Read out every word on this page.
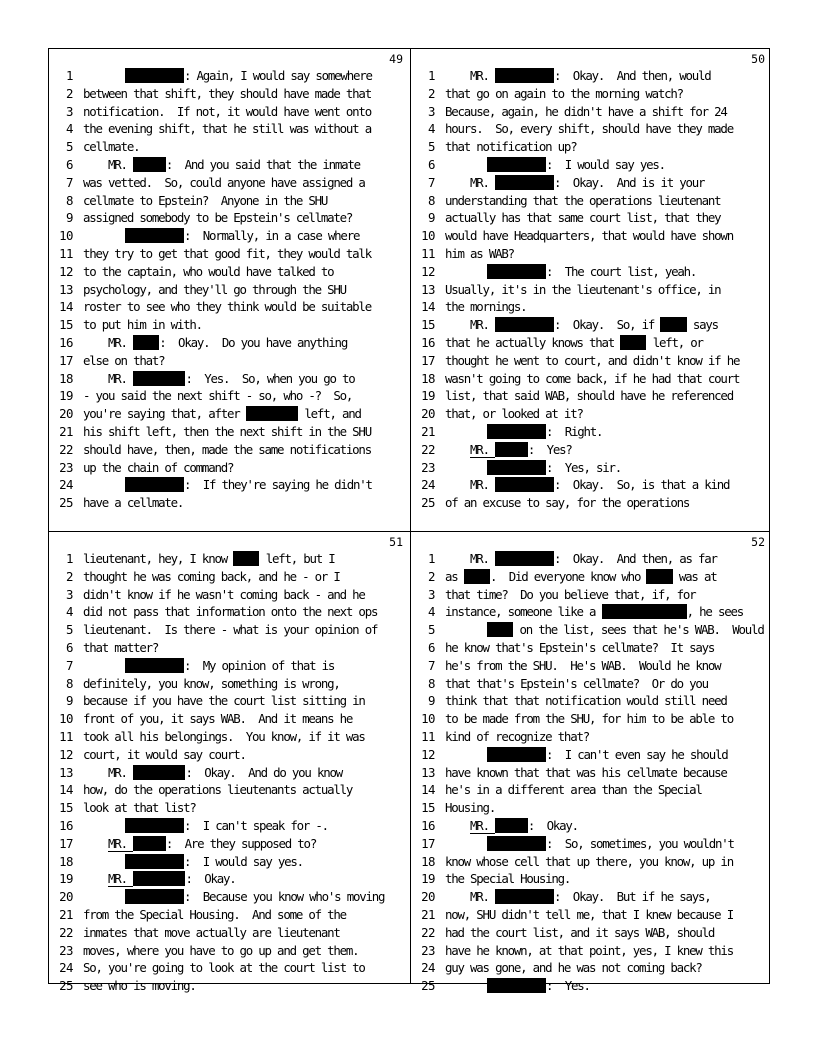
49
1	: Again, I would say somewhere
2 between that shift, they should have made that
3 notification.  If not, it would have went onto
4 the evening shift, that he still was without a
5 cellmate.
6 MR.	:  And you said that the inmate
7 was vetted.  So, could anyone have assigned a
8 cellmate to Epstein?  Anyone in the SHU
9 assigned somebody to be Epstein's cellmate?
10	:  Normally, in a case where
11 they try to get that good fit, they would talk
12 to the captain, who would have talked to
13 psychology, and they'll go through the SHU
14 roster to see who they think would be suitable
15 to put him in with.
16 MR. :  Okay.  Do you have anything
17 else on that?
18 MR.	:  Yes.  So, when you go to
19 - you said the next shift - so, who -?  So,
20 you're saying that, after	left, and
21 his shift left, then the next shift in the SHU
22 should have, then, made the same notifications
23 up the chain of command?
24	:  If they're saying he didn't
25 have a cellmate.
50
1 MR.	:  Okay.  And then, would
2 that go on again to the morning watch?
3 Because, again, he didn't have a shift for 24
4 hours.  So, every shift, should have they made
5 that notification up?
6	:  I would say yes.
7 MR.	:  Okay.  And is it your
8 understanding that the operations lieutenant
9 actually has that same court list, that they
10 would have Headquarters, that would have shown
11 him as WAB?
12	:  The court list, yeah.
13 Usually, it's in the lieutenant's office, in
14 the mornings.
15 MR.	:  Okay.  So, if  says
16 that he actually knows that  left, or
17 thought he went to court, and didn't know if he
18 wasn't going to come back, if he had that court
19 list, that said WAB, should have he referenced
20 that, or looked at it?
21	:  Right.
22	MR.	:  Yes?
23	:  Yes, sir.
24 MR.	:  Okay.  So, is that a kind
25 of an excuse to say, for the operations
51
1 lieutenant, hey, I know  left, but I
2 thought he was coming back, and he - or I
3 didn't know if he wasn't coming back - and he
4 did not pass that information onto the next ops
5 lieutenant.  Is there - what is your opinion of
6 that matter?
7	:  My opinion of that is
8 definitely, you know, something is wrong,
9 because if you have the court list sitting in
10 front of you, it says WAB.  And it means he
11 took all his belongings.  You know, if it was
12 court, it would say court.
13 MR.	:  Okay.  And do you know
14 how, do the operations lieutenants actually
15 look at that list?
16	:  I can't speak for -.
17	MR.	:  Are they supposed to?
18	:  I would say yes.
19	MR.	:  Okay.
20	:  Because you know who's moving
21 from the Special Housing.  And some of the
22 inmates that move actually are lieutenant
23 moves, where you have to go up and get them.
24 So, you're going to look at the court list to
25 see who is moving.
52
1 MR.	:  Okay.  And then, as far
2 as .  Did everyone know who  was at
3 that time?  Do you believe that, if, for
4 instance, someone like a	, he sees
5	on the list, sees that he's WAB.  Would
6 he know that's Epstein's cellmate?  It says
7 he's from the SHU.  He's WAB.  Would he know
8 that that's Epstein's cellmate?  Or do you
9 think that that notification would still need
10 to be made from the SHU, for him to be able to
11 kind of recognize that?
12	:  I can't even say he should
13 have known that that was his cellmate because
14 he's in a different area than the Special
15 Housing.
16	MR.	:  Okay.
17	:  So, sometimes, you wouldn't
18 know whose cell that up there, you know, up in
19 the Special Housing.
20 MR.	:  Okay.  But if he says,
21 now, SHU didn't tell me, that I knew because I
22 had the court list, and it says WAB, should
23 have he known, at that point, yes, I knew this
24 guy was gone, and he was not coming back?
25	:  Yes.
